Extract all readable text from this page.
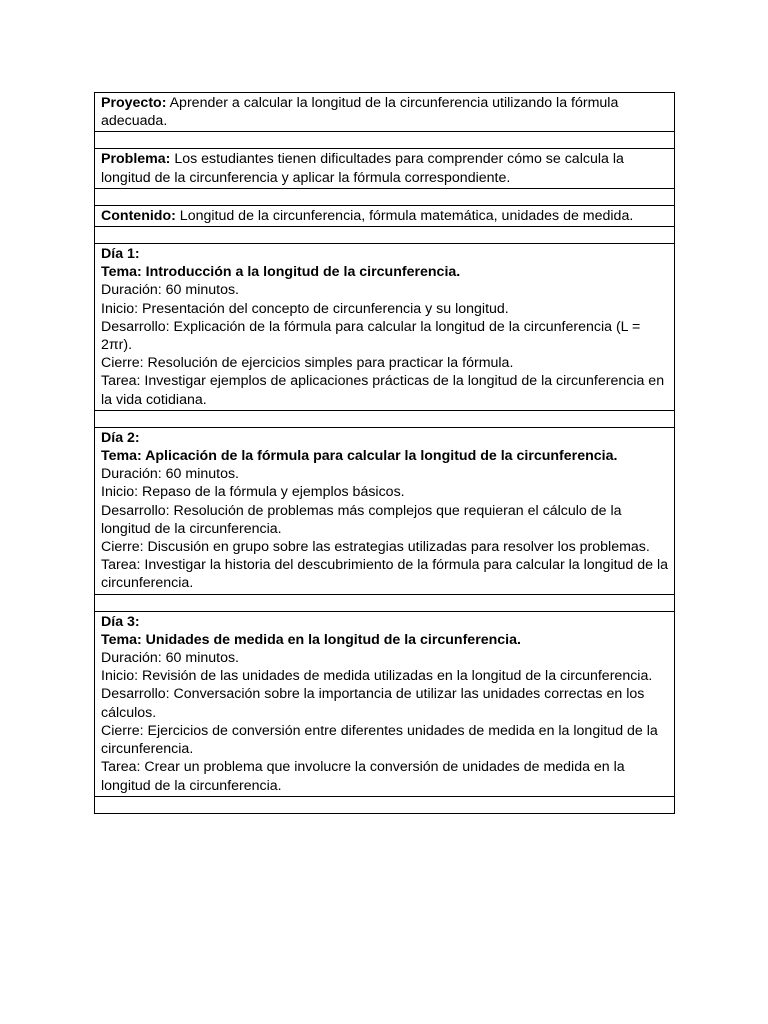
Proyecto: Aprender a calcular la longitud de la circunferencia utilizando la fórmula adecuada.

Problema: Los estudiantes tienen dificultades para comprender cómo se calcula la longitud de la circunferencia y aplicar la fórmula correspondiente.

Contenido: Longitud de la circunferencia, fórmula matemática, unidades de medida.

Día 1:
Tema: Introducción a la longitud de la circunferencia.
Duración: 60 minutos.
Inicio: Presentación del concepto de circunferencia y su longitud.
Desarrollo: Explicación de la fórmula para calcular la longitud de la circunferencia (L = 2πr).
Cierre: Resolución de ejercicios simples para practicar la fórmula.
Tarea: Investigar ejemplos de aplicaciones prácticas de la longitud de la circunferencia en la vida cotidiana.

Día 2:
Tema: Aplicación de la fórmula para calcular la longitud de la circunferencia.
Duración: 60 minutos.
Inicio: Repaso de la fórmula y ejemplos básicos.
Desarrollo: Resolución de problemas más complejos que requieran el cálculo de la longitud de la circunferencia.
Cierre: Discusión en grupo sobre las estrategias utilizadas para resolver los problemas.
Tarea: Investigar la historia del descubrimiento de la fórmula para calcular la longitud de la circunferencia.

Día 3:
Tema: Unidades de medida en la longitud de la circunferencia.
Duración: 60 minutos.
Inicio: Revisión de las unidades de medida utilizadas en la longitud de la circunferencia.
Desarrollo: Conversación sobre la importancia de utilizar las unidades correctas en los cálculos.
Cierre: Ejercicios de conversión entre diferentes unidades de medida en la longitud de la circunferencia.
Tarea: Crear un problema que involucre la conversión de unidades de medida en la longitud de la circunferencia.
